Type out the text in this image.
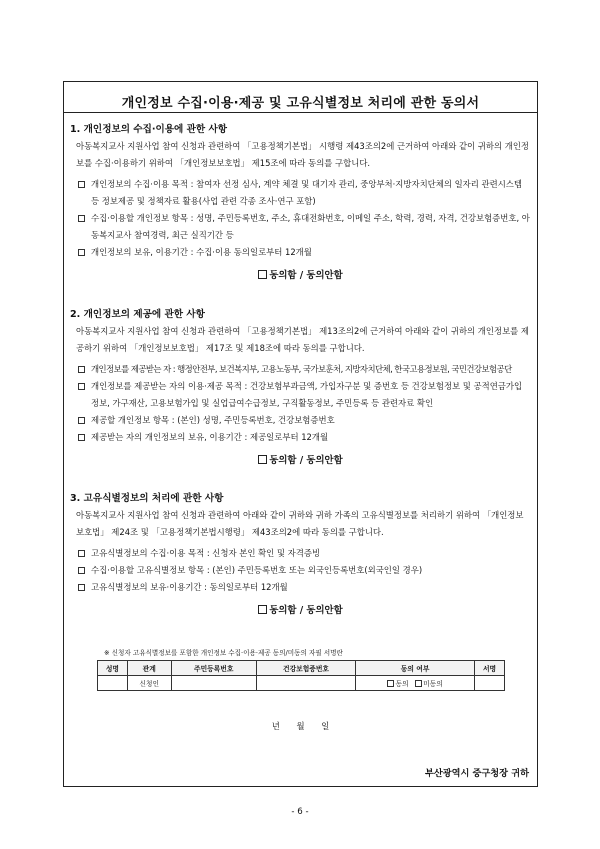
개인정보 수집·이용·제공 및 고유식별정보 처리에 관한 동의서
1. 개인정보의 수집·이용에 관한 사항

아동복지교사 지원사업 참여 신청과 관련하여 「고용정책기본법」 시행령 제43조의2에 근거하여 아래와 같이 귀하의 개인정보를 수집·이용하기 위하여 「개인정보보호법」 제15조에 따라 동의를 구합니다.

개인정보의 수집·이용 목적 : 참여자 선정 심사, 계약 체결 및 대기자 관리, 중앙부처·지방자치단체의 일자리 관련시스템 등 정보제공 및 정책자료 활용(사업 관련 각종 조사·연구 포함)
수집·이용할 개인정보 항목 : 성명, 주민등록번호, 주소, 휴대전화번호, 이메일 주소, 학력, 경력, 자격, 건강보험증번호, 아동복지교사 참여경력, 최근 실직기간 등
개인정보의 보유, 이용기간 : 수집·이용 동의일로부터 12개월
동의함 / 동의안함
2. 개인정보의 제공에 관한 사항

아동복지교사 지원사업 참여 신청과 관련하여 「고용정책기본법」 제13조의2에 근거하여 아래와 같이 귀하의 개인정보를 제공하기 위하여 「개인정보보호법」 제17조 및 제18조에 따라 동의를 구합니다.

개인정보를 제공받는 자 : 행정안전부, 보건복지부, 고용노동부, 국가보훈처, 지방자치단체, 한국고용정보원, 국민건강보험공단
개인정보를 제공받는 자의 이용·제공 목적 : 건강보험부과금액, 가입자구분 및 증번호 등 건강보험정보 및 공적연금가입 정보, 가구재산, 고용보험가입 및 실업급여수급정보, 구직활동정보, 주민등록 등 관련자료 확인
제공할 개인정보 항목 : (본인) 성명, 주민등록번호, 건강보험증번호
제공받는 자의 개인정보의 보유, 이용기간 : 제공일로부터 12개월
동의함 / 동의안함
3. 고유식별정보의 처리에 관한 사항

아동복지교사 지원사업 참여 신청과 관련하여 아래와 같이 귀하와 귀하 가족의 고유식별정보를 처리하기 위하여 「개인정보보호법」 제24조 및 「고용정책기본법시행령」 제43조의2에 따라 동의를 구합니다.

고유식별정보의 수집·이용 목적 : 신청자 본인 확인 및 자격증빙
수집·이용할 고유식별정보 항목 : (본인) 주민등록번호 또는 외국인등록번호(외국인일 경우)
고유식별정보의 보유·이용기간 : 동의일로부터 12개월
동의함 / 동의안함
※ 신청자 고유식별정보를 포함한 개인정보 수집·이용·제공 동의/미동의 자필 서명란
성명	관계	주민등록번호	건강보험증번호	동의 여부	서명
	신청인			동의 미동의	
년 월 일
부산광역시 중구청장 귀하
- 6 -
